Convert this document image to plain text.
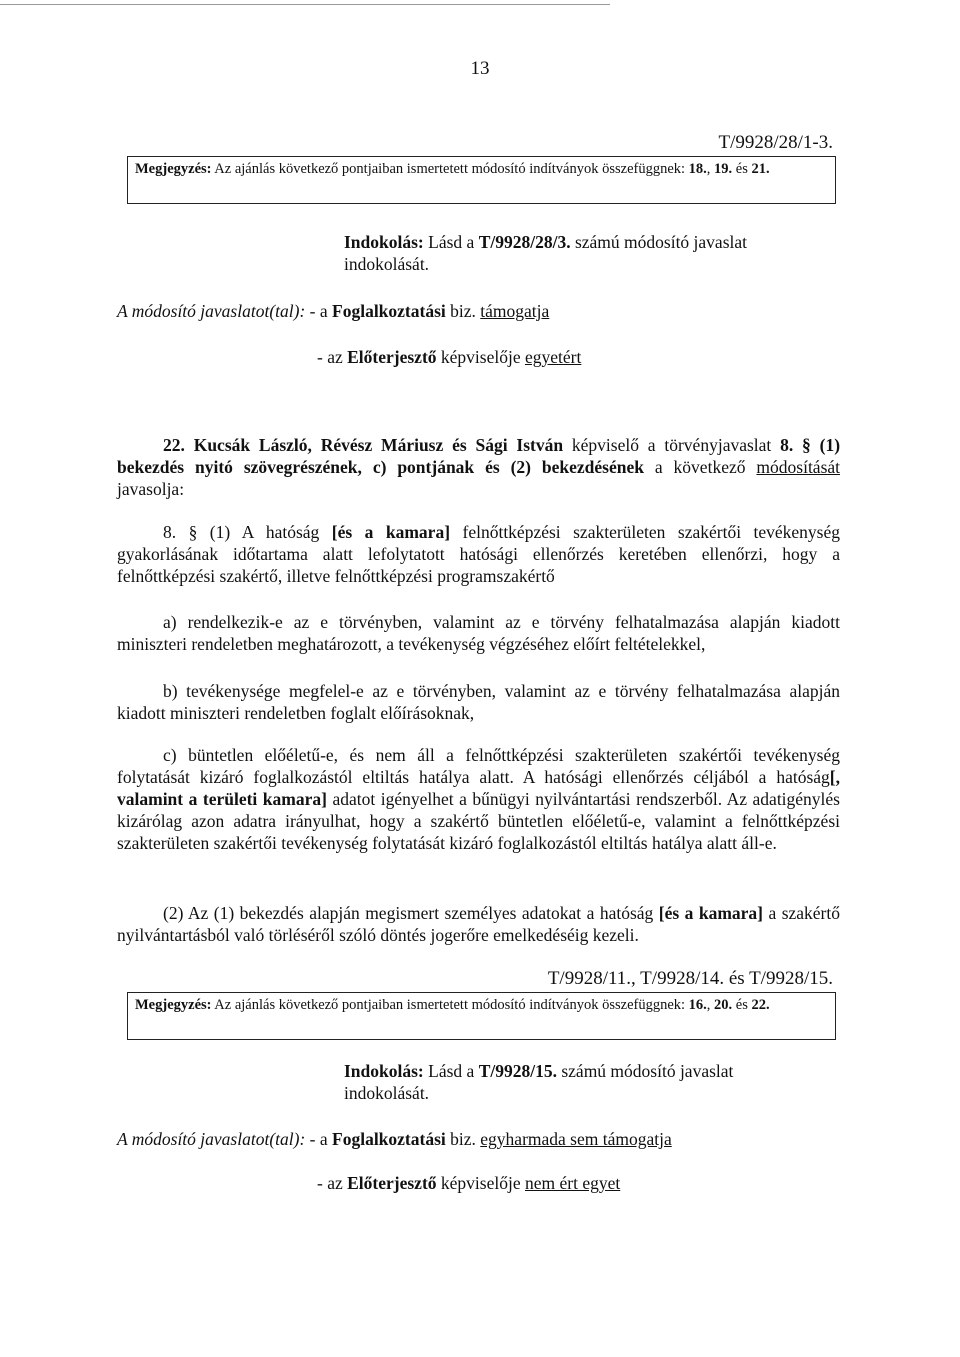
13
T/9928/28/1-3.
Megjegyzés: Az ajánlás következő pontjaiban ismertetett módosító indítványok összefüggnek: 18., 19. és 21.
Indokolás: Lásd a T/9928/28/3. számú módosító javaslat
indokolását.
A módosító javaslatot(tal): - a Foglalkoztatási biz. támogatja
- az Előterjesztő képviselője egyetért
22. Kucsák László, Révész Máriusz és Sági István képviselő a törvényjavaslat 8. § (1) bekezdés nyitó szövegrészének, c) pontjának és (2) bekezdésének a következő módosítását javasolja:
8. § (1) A hatóság [és a kamara] felnőttképzési szakterületen szakértői tevékenység gyakorlásának időtartama alatt lefolytatott hatósági ellenőrzés keretében ellenőrzi, hogy a felnőttképzési szakértő, illetve felnőttképzési programszakértő
a) rendelkezik-e az e törvényben, valamint az e törvény felhatalmazása alapján kiadott miniszteri rendeletben meghatározott, a tevékenység végzéséhez előírt feltételekkel,
b) tevékenysége megfelel-e az e törvényben, valamint az e törvény felhatalmazása alapján kiadott miniszteri rendeletben foglalt előírásoknak,
c) büntetlen előéletű-e, és nem áll a felnőttképzési szakterületen szakértői tevékenység folytatását kizáró foglalkozástól eltiltás hatálya alatt. A hatósági ellenőrzés céljából a hatóság[, valamint a területi kamara] adatot igényelhet a bűnügyi nyilvántartási rendszerből. Az adatigénylés kizárólag azon adatra irányulhat, hogy a szakértő büntetlen előéletű-e, valamint a felnőttképzési szakterületen szakértői tevékenység folytatását kizáró foglalkozástól eltiltás hatálya alatt áll-e.
(2) Az (1) bekezdés alapján megismert személyes adatokat a hatóság [és a kamara] a szakértő nyilvántartásból való törléséről szóló döntés jogerőre emelkedéséig kezeli.
T/9928/11., T/9928/14. és T/9928/15.
Megjegyzés: Az ajánlás következő pontjaiban ismertetett módosító indítványok összefüggnek: 16., 20. és 22.
Indokolás: Lásd a T/9928/15. számú módosító javaslat
indokolását.
A módosító javaslatot(tal): - a Foglalkoztatási biz. egyharmada sem támogatja
- az Előterjesztő képviselője nem ért egyet
